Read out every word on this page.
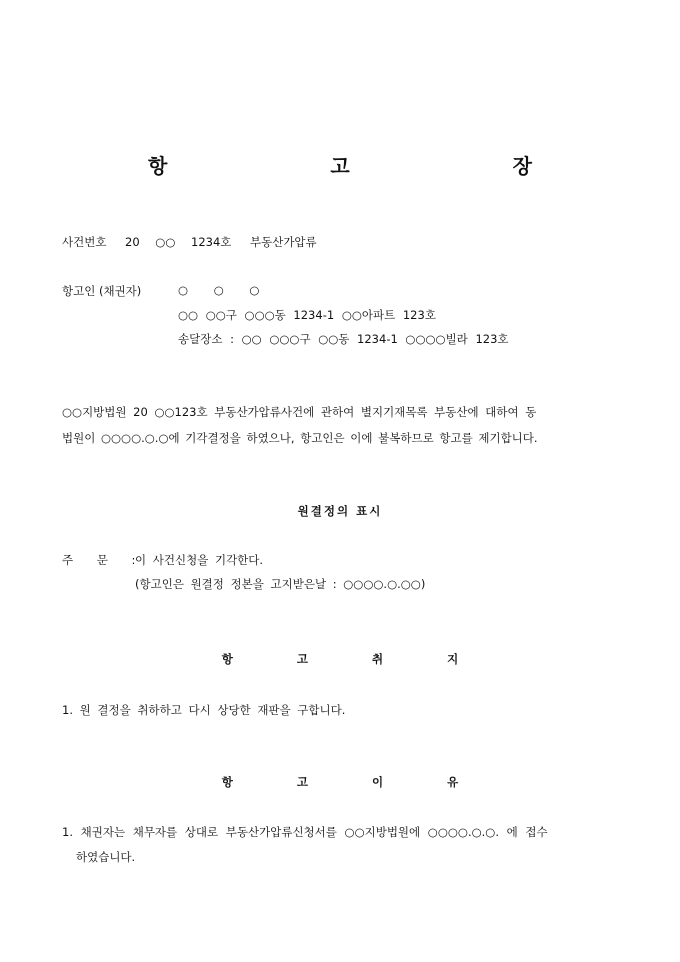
항 고 장
사건번호 20 ○○ 1234호 부동산가압류
항고인 (채권자)	○ ○ ○
○○ ○○구 ○○○동 1234-1 ○○아파트 123호
송달장소 : ○○ ○○○구 ○○동 1234-1 ○○○○빌라 123호
○○지방법원 20 ○○123호 부동산가압류사건에 관하여 별지기재목록 부동산에 대하여 동
법원이 ○○○○.○.○에 기각결정을 하였으나, 항고인은 이에 불복하므로 항고를 제기합니다.
원결정의 표시
주 문 : 이 사건신청을 기각한다.
(항고인은 원결정 정본을 고지받은날 : ○○○○.○.○○)
항 고 취 지
1. 원 결정을 취하하고 다시 상당한 재판을 구합니다.
항 고 이 유
1. 채권자는 채무자를 상대로 부동산가압류신청서를 ○○지방법원에 ○○○○.○.○. 에 접수
하였습니다.
